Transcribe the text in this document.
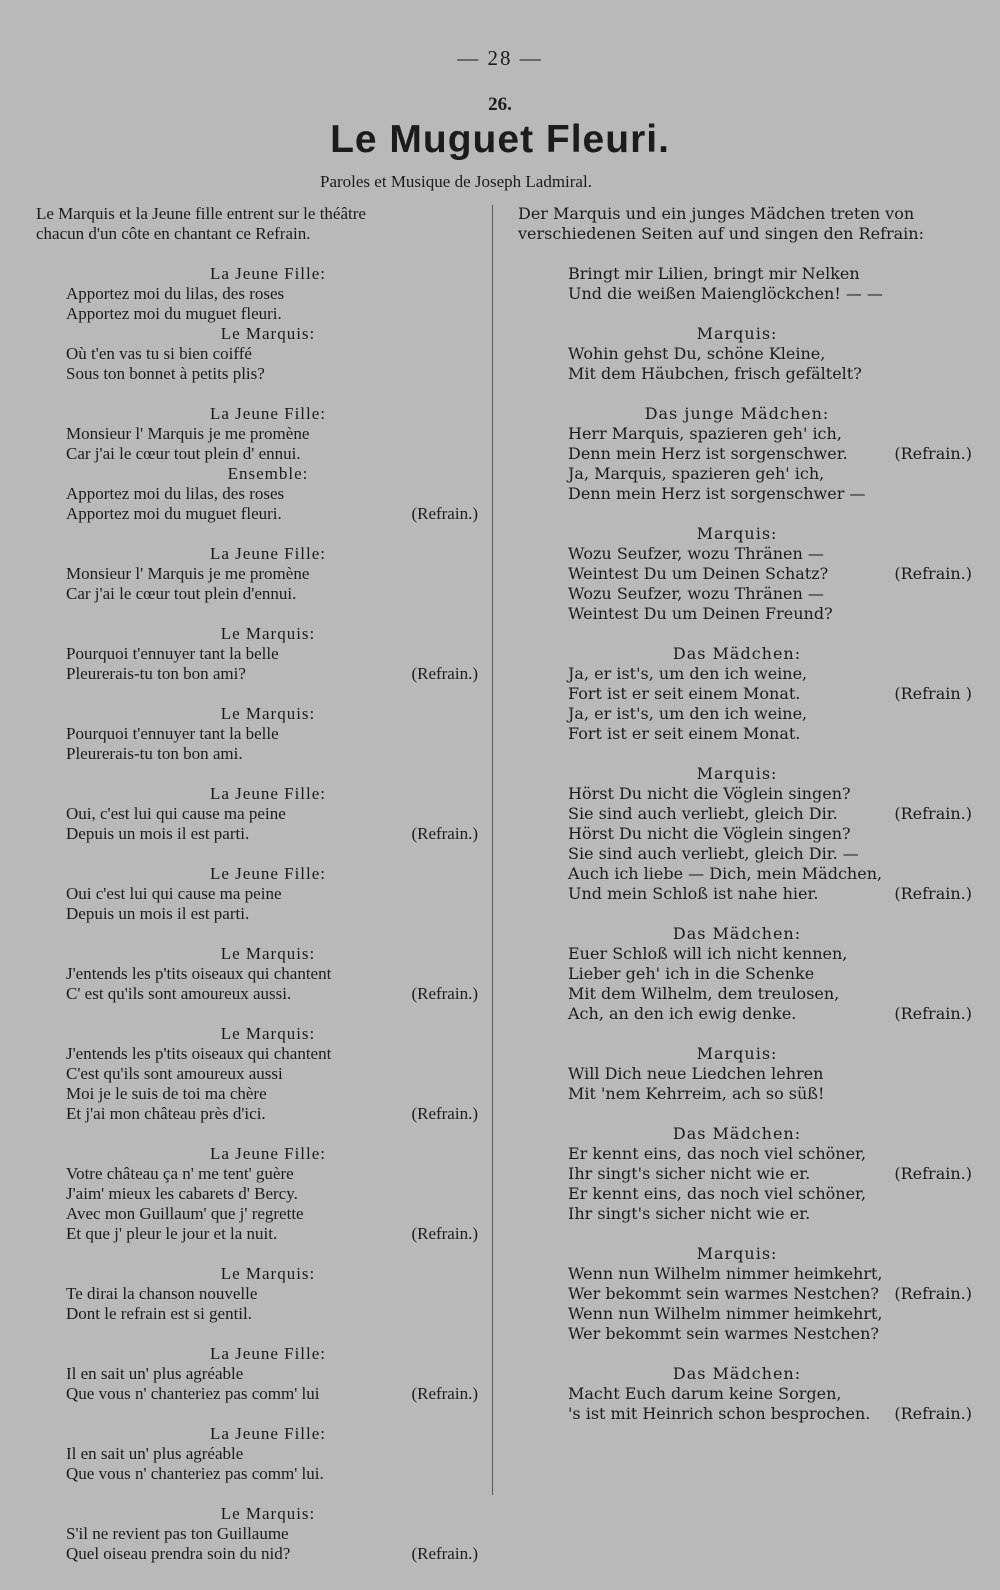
— 28 —
26.
Le Muguet Fleuri.
Paroles et Musique de Joseph Ladmiral.
Le Marquis et la Jeune fille entrent sur le théâtre
chacun d'un côte en chantant ce Refrain.
La Jeune Fille:
Apportez moi du lilas, des roses
Apportez moi du muguet fleuri.
Le Marquis:
Où t'en vas tu si bien coiffé
Sous ton bonnet à petits plis?
La Jeune Fille:
Monsieur l' Marquis je me promène
Car j'ai le cœur tout plein d' ennui.
Ensemble:
Apportez moi du lilas, des roses
Apportez moi du muguet fleuri.	(Refrain.)
La Jeune Fille:
Monsieur l' Marquis je me promène
Car j'ai le cœur tout plein d'ennui.
Le Marquis:
Pourquoi t'ennuyer tant la belle
Pleurerais-tu ton bon ami?	(Refrain.)
Le Marquis:
Pourquoi t'ennuyer tant la belle
Pleurerais-tu ton bon ami.
La Jeune Fille:
Oui, c'est lui qui cause ma peine
Depuis un mois il est parti.	(Refrain.)
Le Jeune Fille:
Oui c'est lui qui cause ma peine
Depuis un mois il est parti.
Le Marquis:
J'entends les p'tits oiseaux qui chantent
C' est qu'ils sont amoureux aussi.	(Refrain.)
Le Marquis:
J'entends les p'tits oiseaux qui chantent
C'est qu'ils sont amoureux aussi
Moi je le suis de toi ma chère
Et j'ai mon château près d'ici.	(Refrain.)
La Jeune Fille:
Votre château ça n' me tent' guère
J'aim' mieux les cabarets d' Bercy.
Avec mon Guillaum' que j' regrette
Et que j' pleur le jour et la nuit.	(Refrain.)
Le Marquis:
Te dirai la chanson nouvelle
Dont le refrain est si gentil.
La Jeune Fille:
Il en sait un' plus agréable
Que vous n' chanteriez pas comm' lui	(Refrain.)
La Jeune Fille:
Il en sait un' plus agréable
Que vous n' chanteriez pas comm' lui.
Le Marquis:
S'il ne revient pas ton Guillaume
Quel oiseau prendra soin du nid?	(Refrain.)
Der Marquis und ein junges Mädchen treten von
verschiedenen Seiten auf und singen den Refrain:
Bringt mir Lilien, bringt mir Nelken
Und die weißen Maienglöckchen! — —
Marquis:
Wohin gehst Du, schöne Kleine,
Mit dem Häubchen, frisch gefältelt?
Das junge Mädchen:
Herr Marquis, spazieren geh' ich,
Denn mein Herz ist sorgenschwer.	(Refrain.)
Ja, Marquis, spazieren geh' ich,
Denn mein Herz ist sorgenschwer —
Marquis:
Wozu Seufzer, wozu Thränen —
Weintest Du um Deinen Schatz?	(Refrain.)
Wozu Seufzer, wozu Thränen —
Weintest Du um Deinen Freund?
Das Mädchen:
Ja, er ist's, um den ich weine,
Fort ist er seit einem Monat.	(Refrain )
Ja, er ist's, um den ich weine,
Fort ist er seit einem Monat.
Marquis:
Hörst Du nicht die Vöglein singen?
Sie sind auch verliebt, gleich Dir.	(Refrain.)
Hörst Du nicht die Vöglein singen?
Sie sind auch verliebt, gleich Dir. —
Auch ich liebe — Dich, mein Mädchen,
Und mein Schloß ist nahe hier.	(Refrain.)
Das Mädchen:
Euer Schloß will ich nicht kennen,
Lieber geh' ich in die Schenke
Mit dem Wilhelm, dem treulosen,
Ach, an den ich ewig denke.	(Refrain.)
Marquis:
Will Dich neue Liedchen lehren
Mit 'nem Kehrreim, ach so süß!
Das Mädchen:
Er kennt eins, das noch viel schöner,
Ihr singt's sicher nicht wie er.	(Refrain.)
Er kennt eins, das noch viel schöner,
Ihr singt's sicher nicht wie er.
Marquis:
Wenn nun Wilhelm nimmer heimkehrt,
Wer bekommt sein warmes Nestchen? (Refrain.)
Wenn nun Wilhelm nimmer heimkehrt,
Wer bekommt sein warmes Nestchen?
Das Mädchen:
Macht Euch darum keine Sorgen,
's ist mit Heinrich schon besprochen. (Refrain.)
